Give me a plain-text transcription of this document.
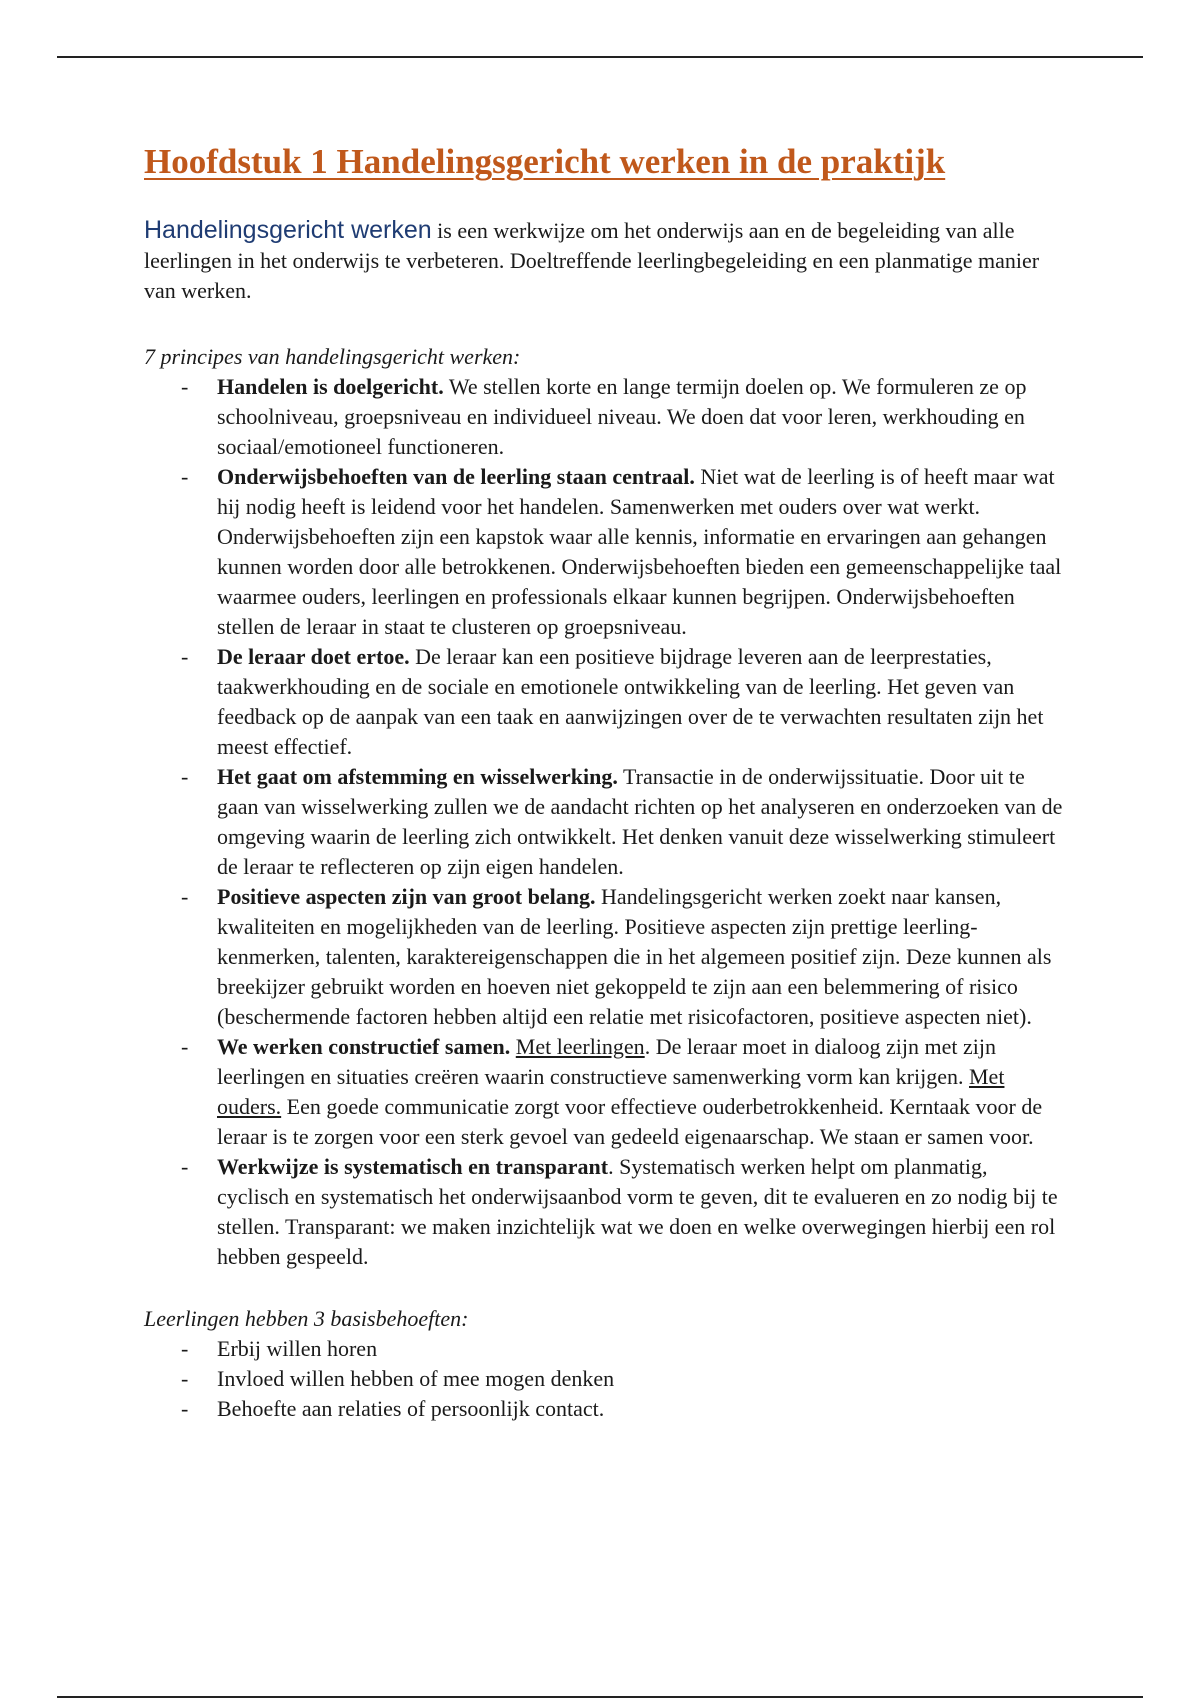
Hoofdstuk 1 Handelingsgericht werken in de praktijk

Handelingsgericht werken is een werkwijze om het onderwijs aan en de begeleiding van alle leerlingen in het onderwijs te verbeteren. Doeltreffende leerlingbegeleiding en een planmatige manier van werken.

7 principes van handelingsgericht werken:

- Handelen is doelgericht. We stellen korte en lange termijn doelen op. We formuleren ze op schoolniveau, groepsniveau en individueel niveau. We doen dat voor leren, werkhouding en sociaal/emotioneel functioneren.
- Onderwijsbehoeften van de leerling staan centraal. Niet wat de leerling is of heeft maar wat hij nodig heeft is leidend voor het handelen. Samenwerken met ouders over wat werkt. Onderwijsbehoeften zijn een kapstok waar alle kennis, informatie en ervaringen aan gehangen kunnen worden door alle betrokkenen. Onderwijsbehoeften bieden een gemeenschappelijke taal waarmee ouders, leerlingen en professionals elkaar kunnen begrijpen. Onderwijsbehoeften stellen de leraar in staat te clusteren op groepsniveau.
- De leraar doet ertoe. De leraar kan een positieve bijdrage leveren aan de leerprestaties, taakwerkhouding en de sociale en emotionele ontwikkeling van de leerling. Het geven van feedback op de aanpak van een taak en aanwijzingen over de te verwachten resultaten zijn het meest effectief.
- Het gaat om afstemming en wisselwerking. Transactie in de onderwijssituatie. Door uit te gaan van wisselwerking zullen we de aandacht richten op het analyseren en onderzoeken van de omgeving waarin de leerling zich ontwikkelt. Het denken vanuit deze wisselwerking stimuleert de leraar te reflecteren op zijn eigen handelen.
- Positieve aspecten zijn van groot belang. Handelingsgericht werken zoekt naar kansen, kwaliteiten en mogelijkheden van de leerling. Positieve aspecten zijn prettige leerling-kenmerken, talenten, karaktereigenschappen die in het algemeen positief zijn. Deze kunnen als breekijzer gebruikt worden en hoeven niet gekoppeld te zijn aan een belemmering of risico (beschermende factoren hebben altijd een relatie met risicofactoren, positieve aspecten niet).
- We werken constructief samen. Met leerlingen. De leraar moet in dialoog zijn met zijn leerlingen en situaties creëren waarin constructieve samenwerking vorm kan krijgen. Met ouders. Een goede communicatie zorgt voor effectieve ouderbetrokkenheid. Kerntaak voor de leraar is te zorgen voor een sterk gevoel van gedeeld eigenaarschap. We staan er samen voor.
- Werkwijze is systematisch en transparant. Systematisch werken helpt om planmatig, cyclisch en systematisch het onderwijsaanbod vorm te geven, dit te evalueren en zo nodig bij te stellen. Transparant: we maken inzichtelijk wat we doen en welke overwegingen hierbij een rol hebben gespeeld.

Leerlingen hebben 3 basisbehoeften:

- Erbij willen horen
- Invloed willen hebben of mee mogen denken
- Behoefte aan relaties of persoonlijk contact.
